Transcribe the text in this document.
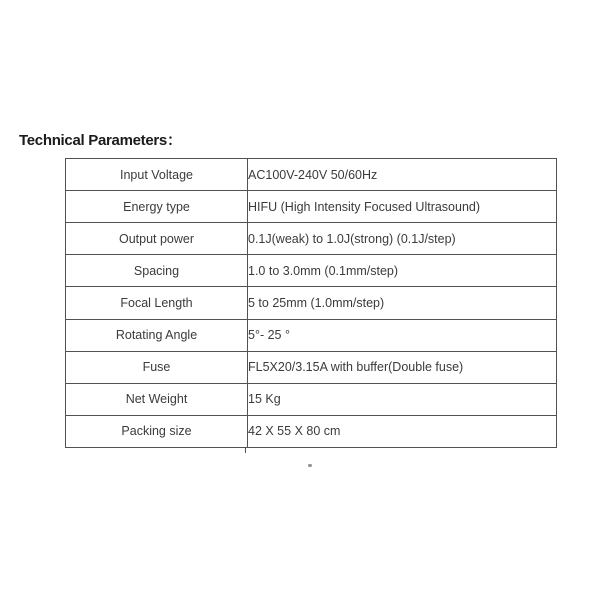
Technical Parameters：
Input Voltage	AC100V-240V 50/60Hz
Energy type	HIFU (High Intensity Focused Ultrasound)
Output power	0.1J(weak) to 1.0J(strong) (0.1J/step)
Spacing	1.0 to 3.0mm (0.1mm/step)
Focal Length	5 to 25mm (1.0mm/step)
Rotating Angle	5°- 25 °
Fuse	FL5X20/3.15A with buffer(Double fuse)
Net Weight	15 Kg
Packing size	42 X 55 X 80 cm
